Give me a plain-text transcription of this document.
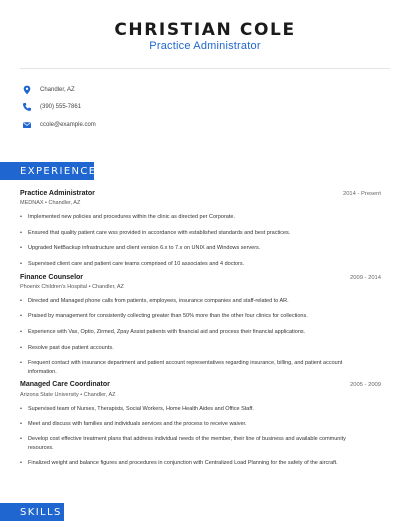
CHRISTIAN COLE
Practice Administrator
Chandler, AZ
(390) 555-7861
ccole@example.com
EXPERIENCE
Practice Administrator	2014 - Present
MEDNAX • Chandler, AZ
•	Implemented new policies and procedures within the clinic as directed per Corporate.
•	Ensured that quality patient care wss provided in accordance with established standards and best practices.
•	Upgraded NetBackup infrastructure and client version 6.x to 7.x on UNIX and Windows servers.
•	Supervised client care and patient care teams comprised of 10 associates and 4 doctors.
Finance Counselor	2009 - 2014
Phoenix Children's Hospital • Chandler, AZ
•	Directed and Managed phone calls from patients, employees, insurance companies and staff-related to AR.
•	Praised by management for consistently collecting greater than 50% more than the other four clinics for collections.
•	Experience with Vax, Optio, Zirmed, Zpay Assist patients with financial aid and process their financial applications.
•	Resolve past due patient accounts.
•	Frequent contact with insurance department and patient account representatives regarding insurance, billing, and patient account information.
Managed Care Coordinator	2005 - 2009
Arizona State University • Chandler, AZ
•	Supervised team of Nurses, Therapists, Social Workers, Home Health Aides and Office Staff.
•	Meet and discuss with families and individuals services and the process to receive waiver.
•	Develop cost effective treatment plans that address individual needs of the member, their line of business and available community resources.
•	Finalized weight and balance figures and procedures in conjunction with Centralized Load Planning for the safety of the aircraft.
SKILLS
